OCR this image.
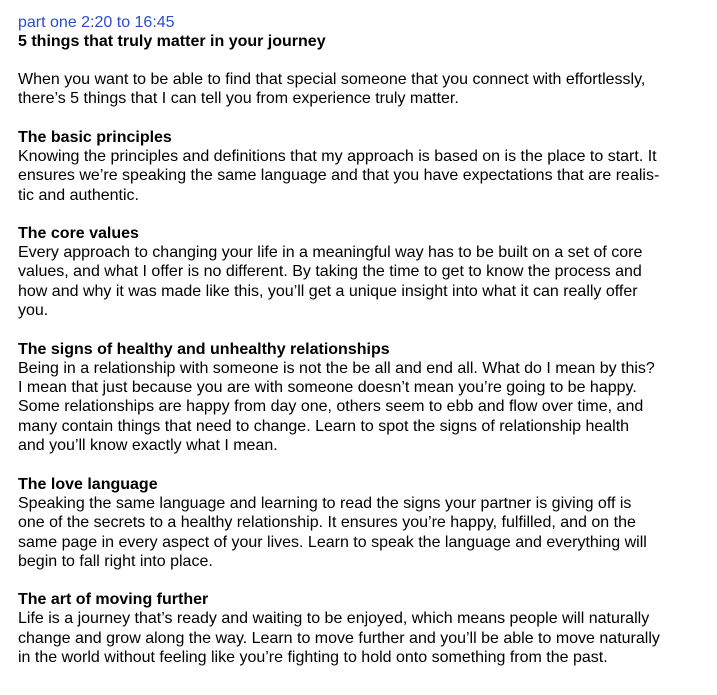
part one 2:20 to 16:45

5 things that truly matter in your journey

When you want to be able to find that special someone that you connect with effortlessly,
there’s 5 things that I can tell you from experience truly matter.

The basic principles

Knowing the principles and definitions that my approach is based on is the place to start. It
ensures we’re speaking the same language and that you have expectations that are realis-
tic and authentic.

The core values

Every approach to changing your life in a meaningful way has to be built on a set of core
values, and what I offer is no different. By taking the time to get to know the process and
how and why it was made like this, you’ll get a unique insight into what it can really offer
you.

The signs of healthy and unhealthy relationships

Being in a relationship with someone is not the be all and end all. What do I mean by this?
I mean that just because you are with someone doesn’t mean you’re going to be happy.
Some relationships are happy from day one, others seem to ebb and flow over time, and
many contain things that need to change. Learn to spot the signs of relationship health
and you’ll know exactly what I mean.

The love language

Speaking the same language and learning to read the signs your partner is giving off is
one of the secrets to a healthy relationship. It ensures you’re happy, fulfilled, and on the
same page in every aspect of your lives. Learn to speak the language and everything will
begin to fall right into place.

The art of moving further

Life is a journey that’s ready and waiting to be enjoyed, which means people will naturally
change and grow along the way. Learn to move further and you’ll be able to move naturally
in the world without feeling like you’re fighting to hold onto something from the past.
